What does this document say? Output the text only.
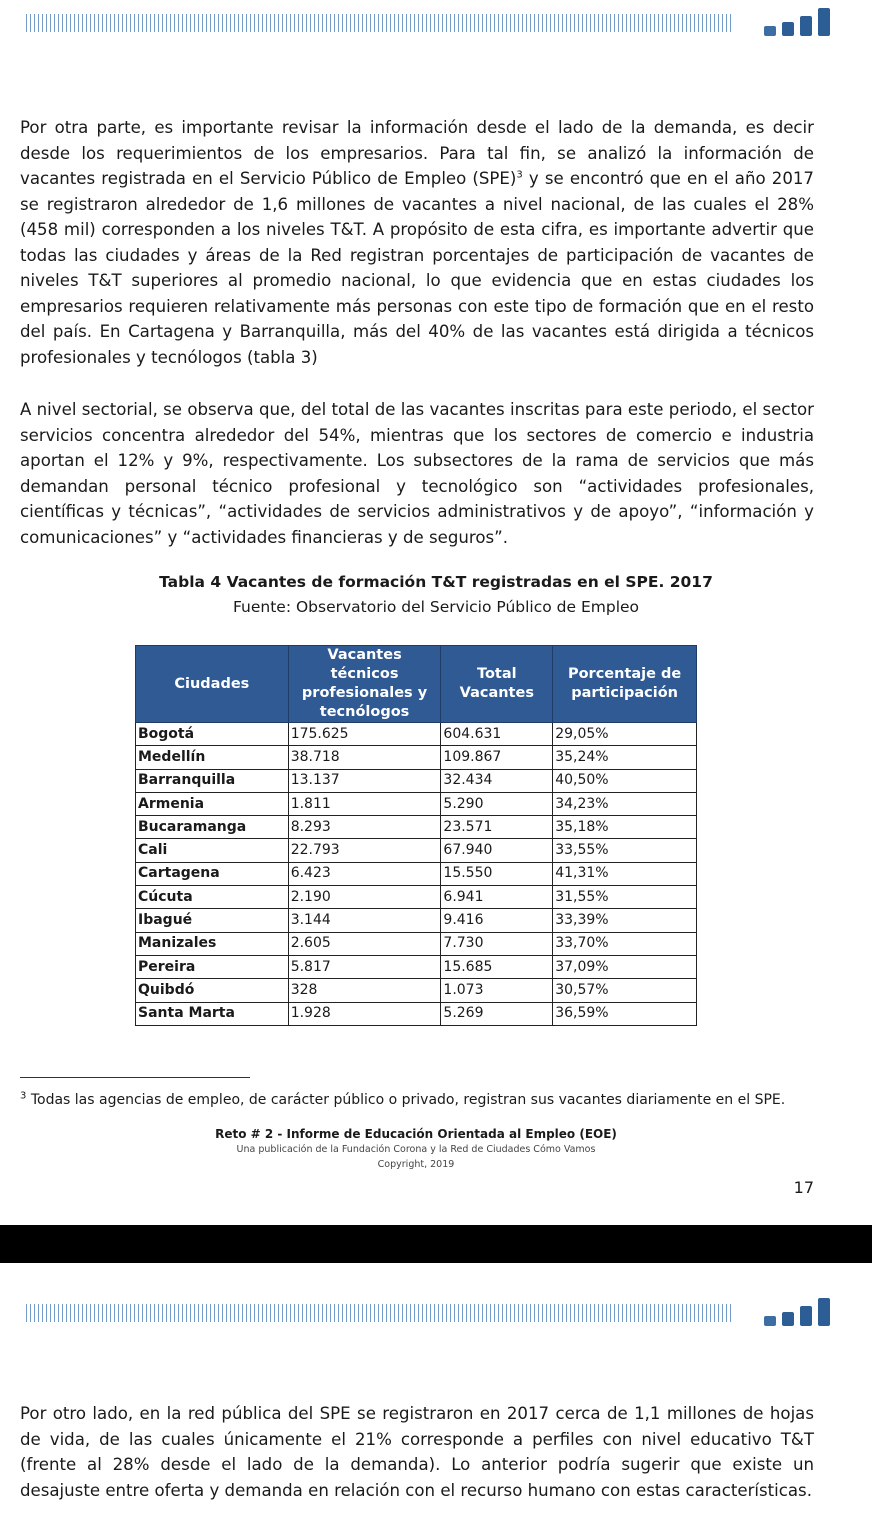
Por otra parte, es importante revisar la información desde el lado de la demanda, es decir desde los requerimientos de los empresarios. Para tal fin, se analizó la información de vacantes registrada en el Servicio Público de Empleo (SPE)$^3$ y se encontró que en el año 2017 se registraron alrededor de 1,6 millones de vacantes a nivel nacional, de las cuales el 28% (458 mil) corresponden a los niveles T&T. A propósito de esta cifra, es importante advertir que todas las ciudades y áreas de la Red registran porcentajes de participación de vacantes de niveles T&T superiores al promedio nacional, lo que evidencia que en estas ciudades los empresarios requieren relativamente más personas con este tipo de formación que en el resto del país. En Cartagena y Barranquilla, más del 40% de las vacantes está dirigida a técnicos profesionales y tecnólogos (tabla 3)

A nivel sectorial, se observa que, del total de las vacantes inscritas para este periodo, el sector servicios concentra alrededor del 54%, mientras que los sectores de comercio e industria aportan el 12% y 9%, respectivamente. Los subsectores de la rama de servicios que más demandan personal técnico profesional y tecnológico son “actividades profesionales, científicas y técnicas”, “actividades de servicios administrativos y de apoyo”, “información y comunicaciones” y “actividades financieras y de seguros”.

Tabla 4 Vacantes de formación T&T registradas en el SPE. 2017
Fuente: Observatorio del Servicio Público de Empleo
Ciudades	Vacantes técnicos profesionales y tecnólogos	Total Vacantes	Porcentaje de participación
Bogotá	175.625	604.631	29,05%
Medellín	38.718	109.867	35,24%
Barranquilla	13.137	32.434	40,50%
Armenia	1.811	5.290	34,23%
Bucaramanga	8.293	23.571	35,18%
Cali	22.793	67.940	33,55%
Cartagena	6.423	15.550	41,31%
Cúcuta	2.190	6.941	31,55%
Ibagué	3.144	9.416	33,39%
Manizales	2.605	7.730	33,70%
Pereira	5.817	15.685	37,09%
Quibdó	328	1.073	30,57%
Santa Marta	1.928	5.269	36,59%
$^3$ Todas las agencias de empleo, de carácter público o privado, registran sus vacantes diariamente en el SPE.
Reto # 2 - Informe de Educación Orientada al Empleo (EOE)
Una publicación de la Fundación Corona y la Red de Ciudades Cómo Vamos
Copyright, 2019
17

Por otro lado, en la red pública del SPE se registraron en 2017 cerca de 1,1 millones de hojas de vida, de las cuales únicamente el 21% corresponde a perfiles con nivel educativo T&T (frente al 28% desde el lado de la demanda). Lo anterior podría sugerir que existe un desajuste entre oferta y demanda en relación con el recurso humano con estas características.
